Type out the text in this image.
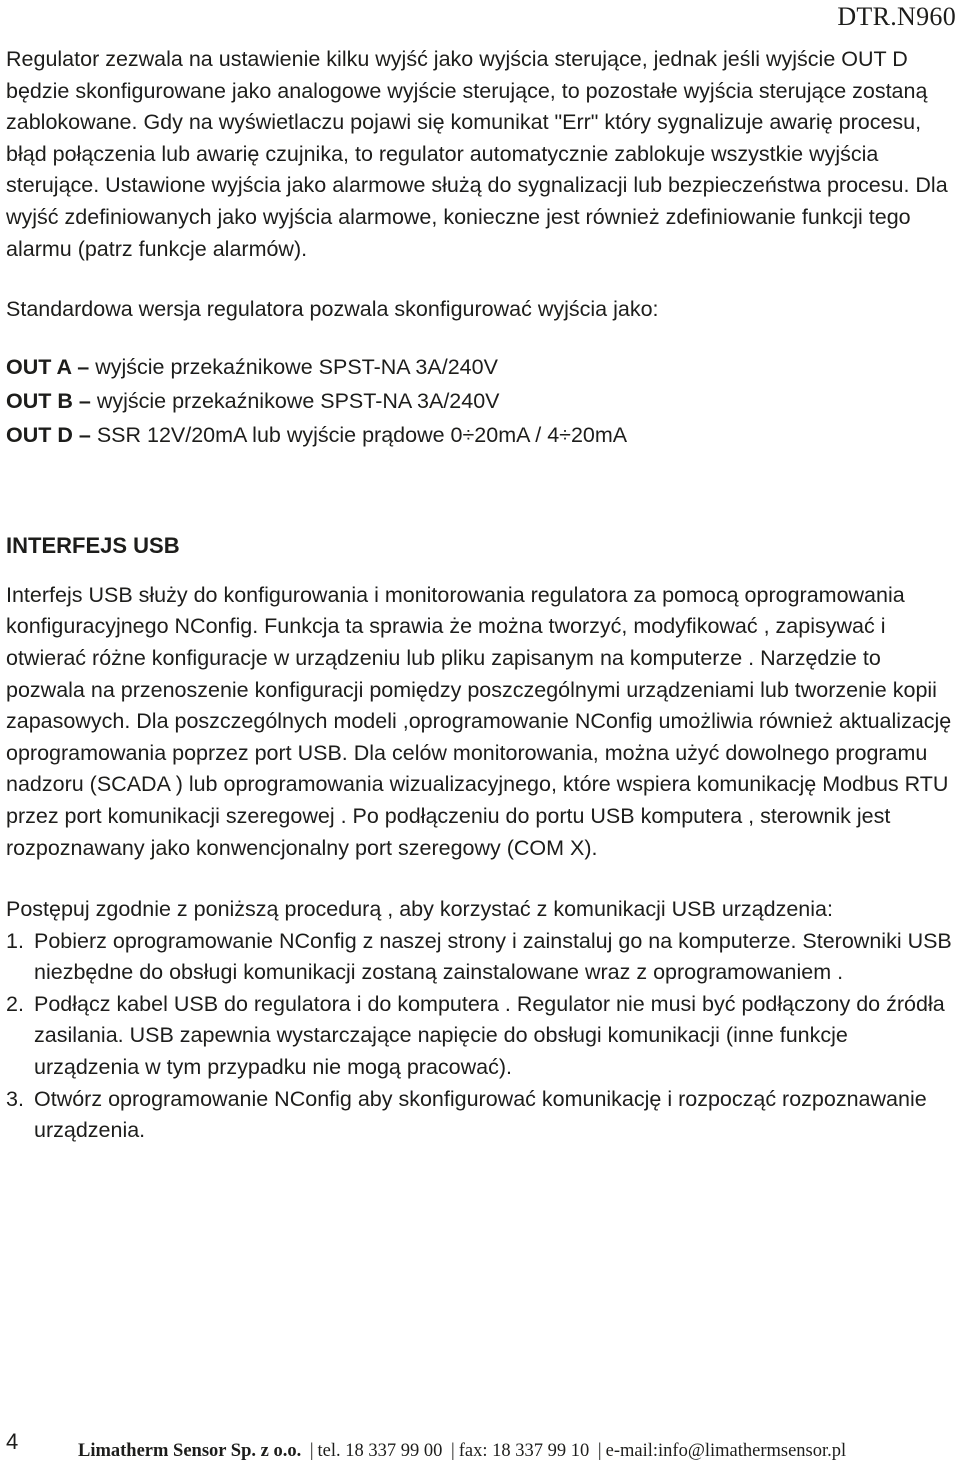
DTR.N960

Regulator zezwala na ustawienie kilku wyjść jako wyjścia sterujące, jednak jeśli wyjście OUT D będzie skonfigurowane jako analogowe wyjście sterujące, to pozostałe wyjścia sterujące zostaną zablokowane. Gdy na wyświetlaczu pojawi się komunikat "Err" który sygnalizuje awarię procesu, błąd połączenia lub awarię czujnika, to regulator automatycznie zablokuje wszystkie wyjścia sterujące. Ustawione wyjścia jako alarmowe służą do sygnalizacji lub bezpieczeństwa procesu. Dla wyjść zdefiniowanych jako wyjścia alarmowe, konieczne jest również zdefiniowanie funkcji tego alarmu (patrz funkcje alarmów).

Standardowa wersja regulatora pozwala skonfigurować wyjścia jako:

OUT A – wyjście przekaźnikowe SPST-NA 3A/240V

OUT B – wyjście przekaźnikowe SPST-NA 3A/240V

OUT D – SSR 12V/20mA lub wyjście prądowe 0÷20mA / 4÷20mA

INTERFEJS USB

Interfejs USB służy do konfigurowania i monitorowania regulatora za pomocą oprogramowania konfiguracyjnego NConfig. Funkcja ta sprawia że można tworzyć, modyfikować , zapisywać i otwierać różne konfiguracje w urządzeniu lub pliku zapisanym na komputerze . Narzędzie to pozwala na przenoszenie konfiguracji pomiędzy poszczególnymi urządzeniami lub tworzenie kopii zapasowych. Dla poszczególnych modeli ,oprogramowanie NConfig umożliwia również aktualizację oprogramowania poprzez port USB. Dla celów monitorowania, można użyć dowolnego programu nadzoru (SCADA ) lub oprogramowania wizualizacyjnego, które wspiera komunikację Modbus RTU przez port komunikacji szeregowej . Po podłączeniu do portu USB komputera , sterownik jest rozpoznawany jako konwencjonalny port szeregowy (COM X).

Postępuj zgodnie z poniższą procedurą , aby korzystać z komunikacji USB urządzenia:

1. Pobierz oprogramowanie NConfig z naszej strony i zainstaluj go na komputerze. Sterowniki USB niezbędne do obsługi komunikacji zostaną zainstalowane wraz z oprogramowaniem .
2. Podłącz kabel USB do regulatora i do komputera . Regulator nie musi być podłączony do źródła zasilania. USB zapewnia wystarczające napięcie do obsługi komunikacji (inne funkcje urządzenia w tym przypadku nie mogą pracować).
3. Otwórz oprogramowanie NConfig aby skonfigurować komunikację i rozpocząć rozpoznawanie urządzenia.
4	Limatherm Sensor Sp. z o.o. | tel. 18 337 99 00 | fax: 18 337 99 10 | e-mail:info@limathermsensor.pl
